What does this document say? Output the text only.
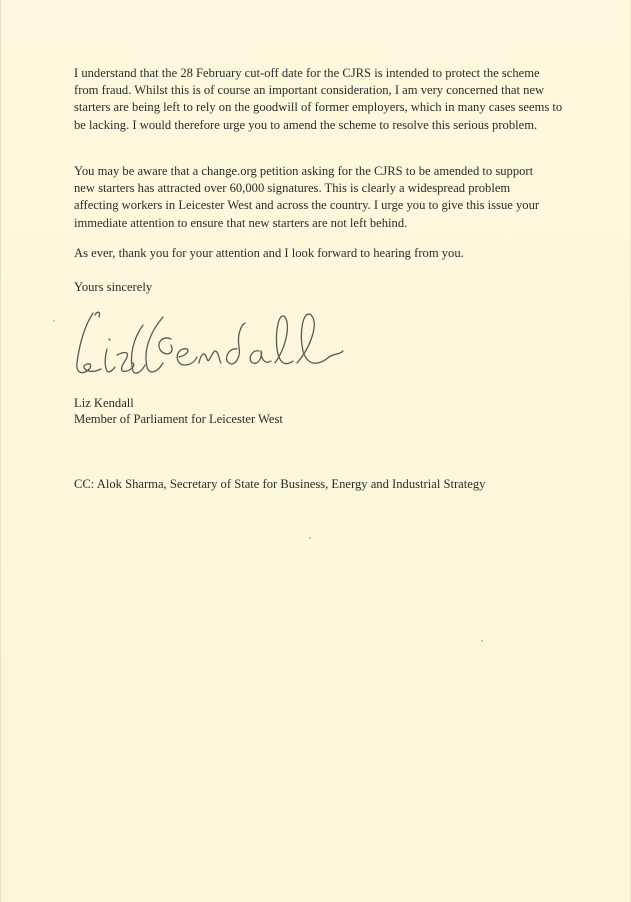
I understand that the 28 February cut-off date for the CJRS is intended to protect the scheme from fraud. Whilst this is of course an important consideration, I am very concerned that new starters are being left to rely on the goodwill of former employers, which in many cases seems to be lacking. I would therefore urge you to amend the scheme to resolve this serious problem.

You may be aware that a change.org petition asking for the CJRS to be amended to support new starters has attracted over 60,000 signatures. This is clearly a widespread problem affecting workers in Leicester West and across the country. I urge you to give this issue your immediate attention to ensure that new starters are not left behind.

As ever, thank you for your attention and I look forward to hearing from you.

Yours sincerely

Liz Kendall

Member of Parliament for Leicester West

CC: Alok Sharma, Secretary of State for Business, Energy and Industrial Strategy
